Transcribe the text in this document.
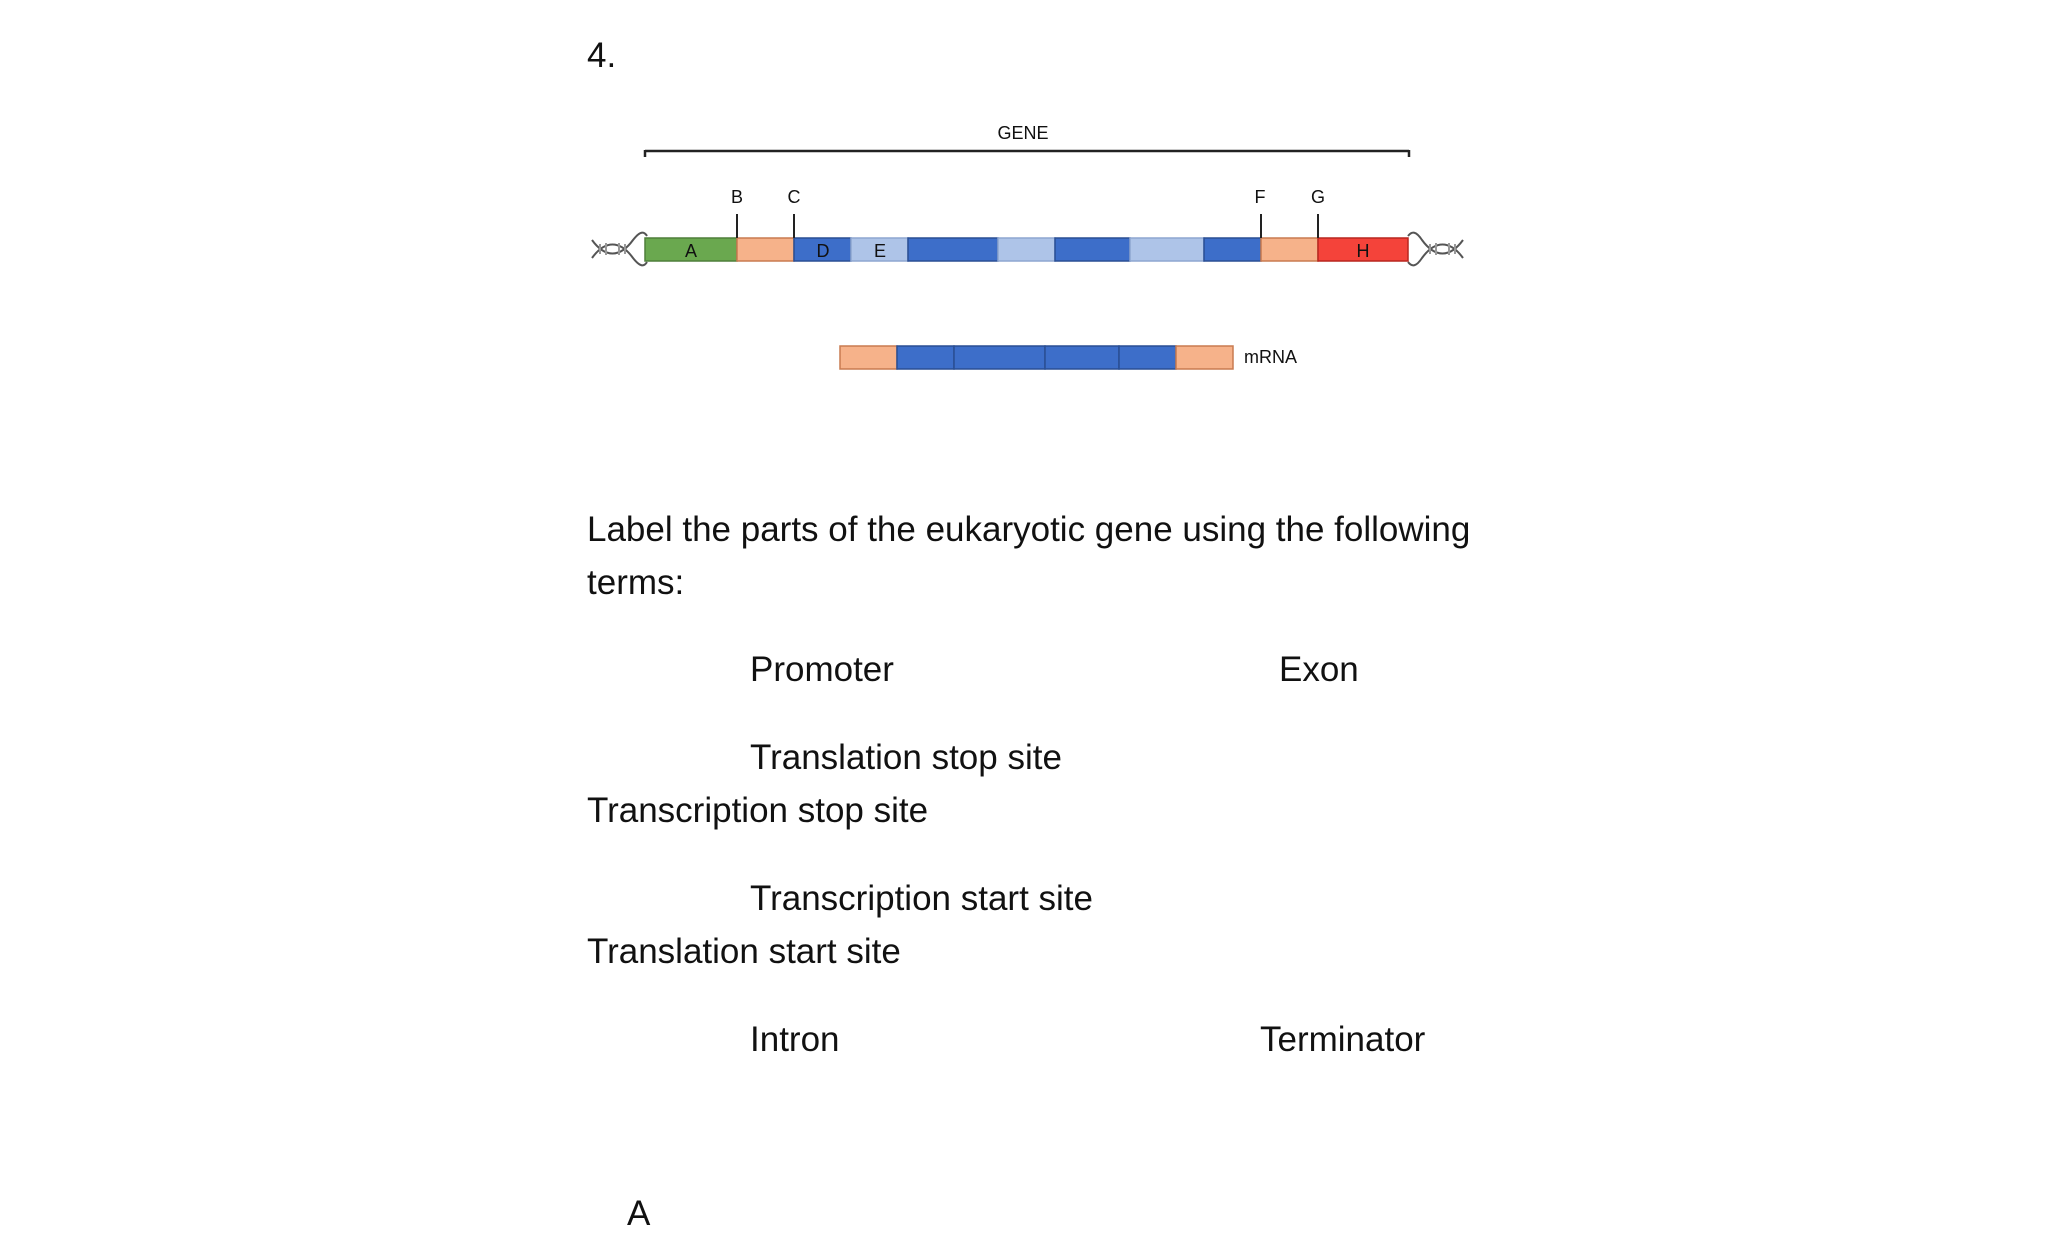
4.
GENE
A	D E	H
B C	F	G
mRNA
Label the parts of the eukaryotic gene using the following
terms:
Promoter	Exon
Translation stop site
Transcription stop site
Transcription start site
Translation start site
Intron	Terminator
A
